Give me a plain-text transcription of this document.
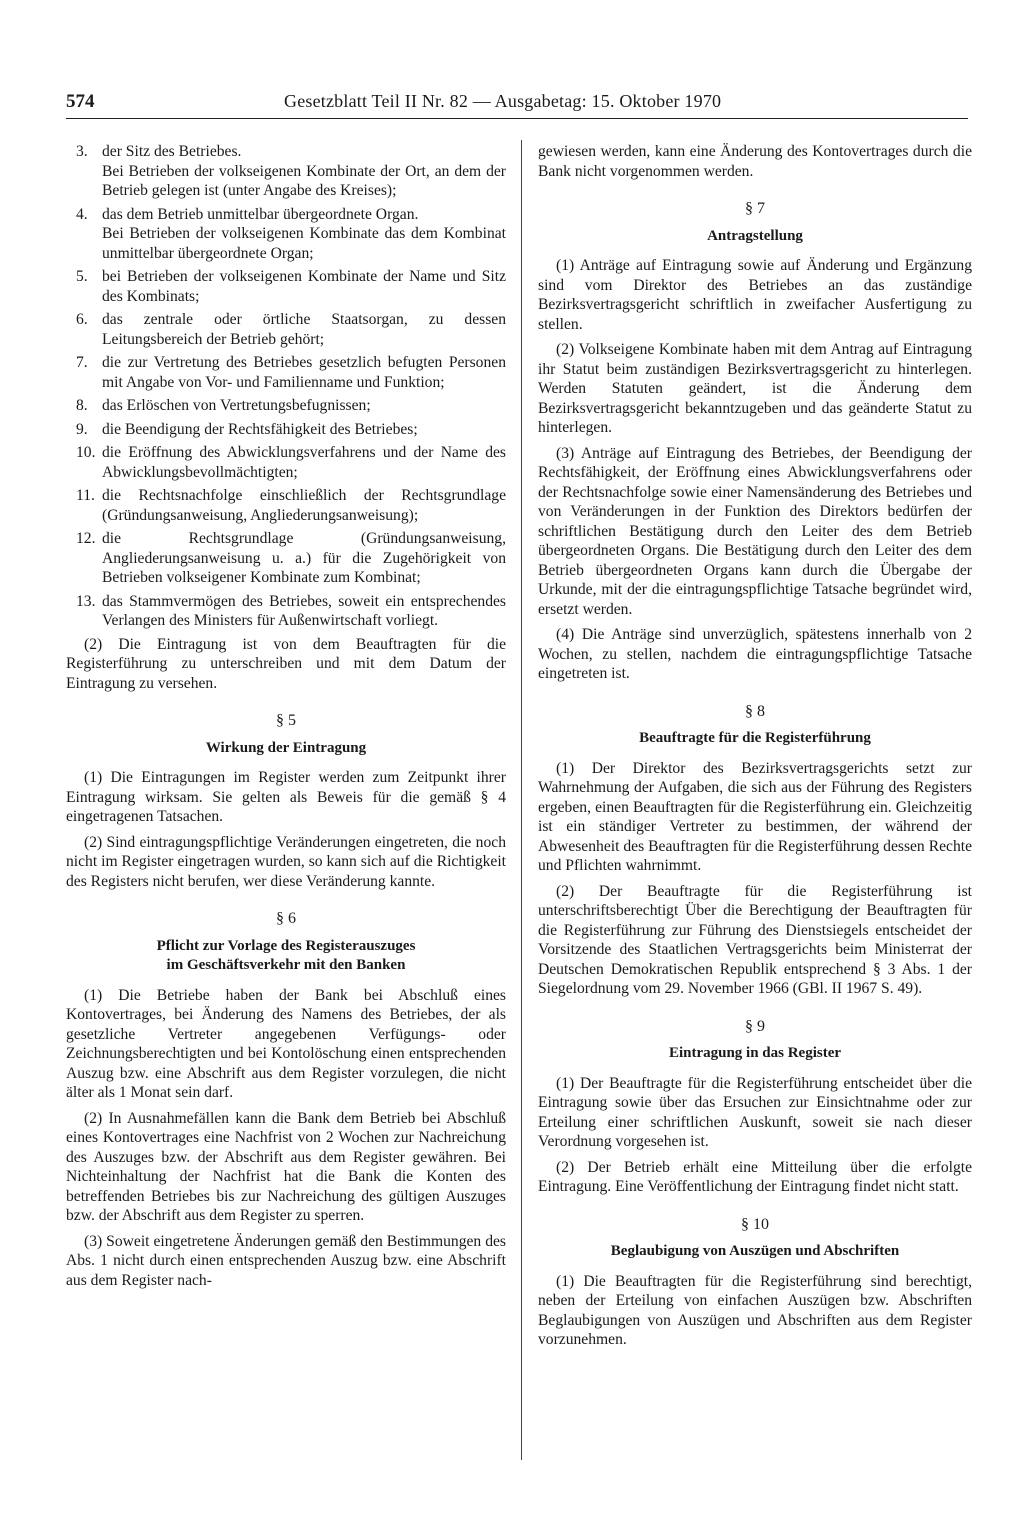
574	Gesetzblatt Teil II Nr. 82 — Ausgabetag: 15. Oktober 1970
3. der Sitz des Betriebes.
Bei Betrieben der volkseigenen Kombinate der Ort, an dem der Betrieb gelegen ist (unter Angabe des Kreises);
4. das dem Betrieb unmittelbar übergeordnete Organ.
Bei Betrieben der volkseigenen Kombinate das dem Kombinat unmittelbar übergeordnete Organ;
5. bei Betrieben der volkseigenen Kombinate der Name und Sitz des Kombinats;
6. das zentrale oder örtliche Staatsorgan, zu dessen Leitungsbereich der Betrieb gehört;
7. die zur Vertretung des Betriebes gesetzlich befugten Personen mit Angabe von Vor- und Familienname und Funktion;
8. das Erlöschen von Vertretungsbefugnissen;
9. die Beendigung der Rechtsfähigkeit des Betriebes;
10. die Eröffnung des Abwicklungsverfahrens und der Name des Abwicklungsbevollmächtigten;
11. die Rechtsnachfolge einschließlich der Rechtsgrundlage (Gründungsanweisung, Angliederungsanweisung);
12. die Rechtsgrundlage (Gründungsanweisung, Angliederungsanweisung u. a.) für die Zugehörigkeit von Betrieben volkseigener Kombinate zum Kombinat;
13. das Stammvermögen des Betriebes, soweit ein entsprechendes Verlangen des Ministers für Außenwirtschaft vorliegt.

(2) Die Eintragung ist von dem Beauftragten für die Registerführung zu unterschreiben und mit dem Datum der Eintragung zu versehen.

§ 5
Wirkung der Eintragung

(1) Die Eintragungen im Register werden zum Zeitpunkt ihrer Eintragung wirksam. Sie gelten als Beweis für die gemäß § 4 eingetragenen Tatsachen.

(2) Sind eintragungspflichtige Veränderungen eingetreten, die noch nicht im Register eingetragen wurden, so kann sich auf die Richtigkeit des Registers nicht berufen, wer diese Veränderung kannte.

§ 6
Pflicht zur Vorlage des Registerauszuges
im Geschäftsverkehr mit den Banken

(1) Die Betriebe haben der Bank bei Abschluß eines Kontovertrages, bei Änderung des Namens des Betriebes, der als gesetzliche Vertreter angegebenen Verfügungs- oder Zeichnungsberechtigten und bei Kontolöschung einen entsprechenden Auszug bzw. eine Abschrift aus dem Register vorzulegen, die nicht älter als 1 Monat sein darf.

(2) In Ausnahmefällen kann die Bank dem Betrieb bei Abschluß eines Kontovertrages eine Nachfrist von 2 Wochen zur Nachreichung des Auszuges bzw. der Abschrift aus dem Register gewähren. Bei Nichteinhaltung der Nachfrist hat die Bank die Konten des betreffenden Betriebes bis zur Nachreichung des gültigen Auszuges bzw. der Abschrift aus dem Register zu sperren.

(3) Soweit eingetretene Änderungen gemäß den Bestimmungen des Abs. 1 nicht durch einen entsprechenden Auszug bzw. eine Abschrift aus dem Register nach-

gewiesen werden, kann eine Änderung des Kontovertrages durch die Bank nicht vorgenommen werden.

§ 7
Antragstellung

(1) Anträge auf Eintragung sowie auf Änderung und Ergänzung sind vom Direktor des Betriebes an das zuständige Bezirksvertragsgericht schriftlich in zweifacher Ausfertigung zu stellen.

(2) Volkseigene Kombinate haben mit dem Antrag auf Eintragung ihr Statut beim zuständigen Bezirksvertragsgericht zu hinterlegen. Werden Statuten geändert, ist die Änderung dem Bezirksvertragsgericht bekanntzugeben und das geänderte Statut zu hinterlegen.

(3) Anträge auf Eintragung des Betriebes, der Beendigung der Rechtsfähigkeit, der Eröffnung eines Abwicklungsverfahrens oder der Rechtsnachfolge sowie einer Namensänderung des Betriebes und von Veränderungen in der Funktion des Direktors bedürfen der schriftlichen Bestätigung durch den Leiter des dem Betrieb übergeordneten Organs. Die Bestätigung durch den Leiter des dem Betrieb übergeordneten Organs kann durch die Übergabe der Urkunde, mit der die eintragungspflichtige Tatsache begründet wird, ersetzt werden.

(4) Die Anträge sind unverzüglich, spätestens innerhalb von 2 Wochen, zu stellen, nachdem die eintragungspflichtige Tatsache eingetreten ist.

§ 8
Beauftragte für die Registerführung

(1) Der Direktor des Bezirksvertragsgerichts setzt zur Wahrnehmung der Aufgaben, die sich aus der Führung des Registers ergeben, einen Beauftragten für die Registerführung ein. Gleichzeitig ist ein ständiger Vertreter zu bestimmen, der während der Abwesenheit des Beauftragten für die Registerführung dessen Rechte und Pflichten wahrnimmt.

(2) Der Beauftragte für die Registerführung ist unterschriftsberechtigt Über die Berechtigung der Beauftragten für die Registerführung zur Führung des Dienstsiegels entscheidet der Vorsitzende des Staatlichen Vertragsgerichts beim Ministerrat der Deutschen Demokratischen Republik entsprechend § 3 Abs. 1 der Siegelordnung vom 29. November 1966 (GBl. II 1967 S. 49).

§ 9
Eintragung in das Register

(1) Der Beauftragte für die Registerführung entscheidet über die Eintragung sowie über das Ersuchen zur Einsichtnahme oder zur Erteilung einer schriftlichen Auskunft, soweit sie nach dieser Verordnung vorgesehen ist.

(2) Der Betrieb erhält eine Mitteilung über die erfolgte Eintragung. Eine Veröffentlichung der Eintragung findet nicht statt.

§ 10
Beglaubigung von Auszügen und Abschriften

(1) Die Beauftragten für die Registerführung sind berechtigt, neben der Erteilung von einfachen Auszügen bzw. Abschriften Beglaubigungen von Auszügen und Abschriften aus dem Register vorzunehmen.
